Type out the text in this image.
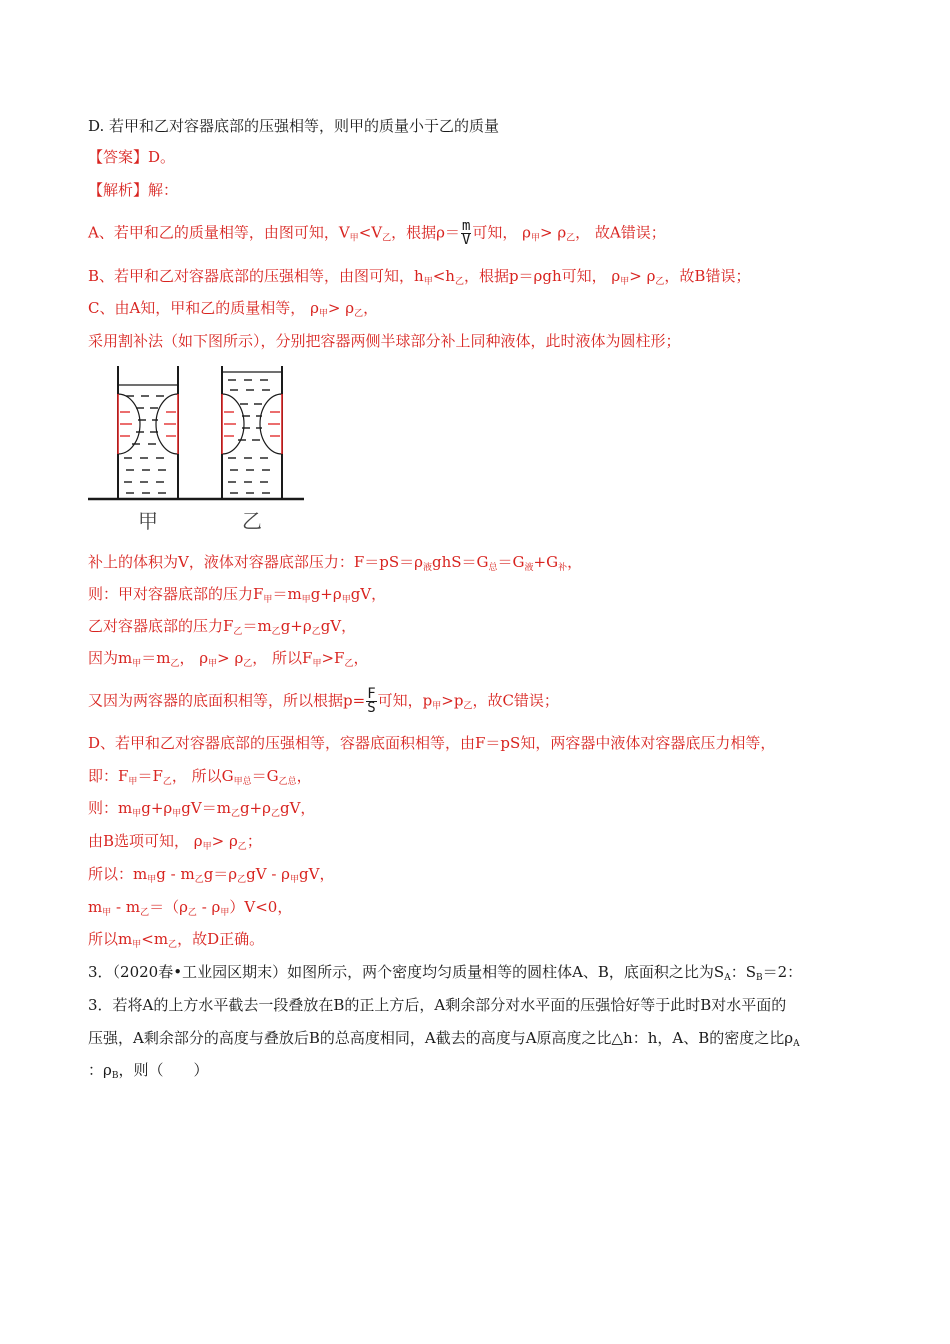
D. 若甲和乙对容器底部的压强相等，则甲的质量小于乙的质量
【答案】D。
【解析】解：
A、若甲和乙的质量相等，由图可知，$V_甲<V_乙$，根据$\rho= \frac{m}{V}$ 可知， $\rho_甲> \rho_乙$， 故A错误；
B、若甲和乙对容器底部的压强相等，由图可知，$h_甲<h_乙$，根据p＝ρgh可知， $\rho_甲> \rho_乙$，故B错误；
C、由A知，甲和乙的质量相等， $\rho_甲> \rho_乙$，
采用割补法（如下图所示），分别把容器两侧半球部分补上同种液体，此时液体为圆柱形；
甲	乙
补上的体积为V，液体对容器底部压力：$F=pS=\rho_液ghS=G_总=G_液+G_补$，
则：甲对容器底部的压力$F_甲=m_甲g+\rho_甲gV$，
乙对容器底部的压力$F_乙=m_乙g+\rho_乙gV$，
因为$m_甲=m_乙$， $\rho_甲> \rho_乙$， 所以$F_甲>F_乙$，
又因为两容器的底面积相等，所以根据$p= \frac{F}{S}$ 可知，$p_甲>p_乙$，故C错误；
D、若甲和乙对容器底部的压强相等，容器底面积相等，由F＝pS知，两容器中液体对容器底压力相等，
即：$F_甲=F_乙$， 所以$G_{甲总}=G_{乙总}$，
则：$m_甲g+\rho_甲gV=m_乙g+\rho_乙gV$，
由B选项可知， $\rho_甲> \rho_乙$；
所以：$m_甲g - m_乙g=\rho_乙gV - \rho_甲gV$，
$m_甲 - m_乙=(\rho_乙 - \rho_甲)V<0$，
所以$m_甲<m_乙$，故D正确。
3．（2020春•工业园区期末）如图所示，两个密度均匀质量相等的圆柱体A、B，底面积之比为$S_A$：$S_B=2$：
3．若将A的上方水平截去一段叠放在B的正上方后，A剩余部分对水平面的压强恰好等于此时B对水平面的
压强，A剩余部分的高度与叠放后B的总高度相同，A截去的高度与A原高度之比△h：h，A、B的密度之比$\rho_A$
：$\rho_B$，则（　　）
